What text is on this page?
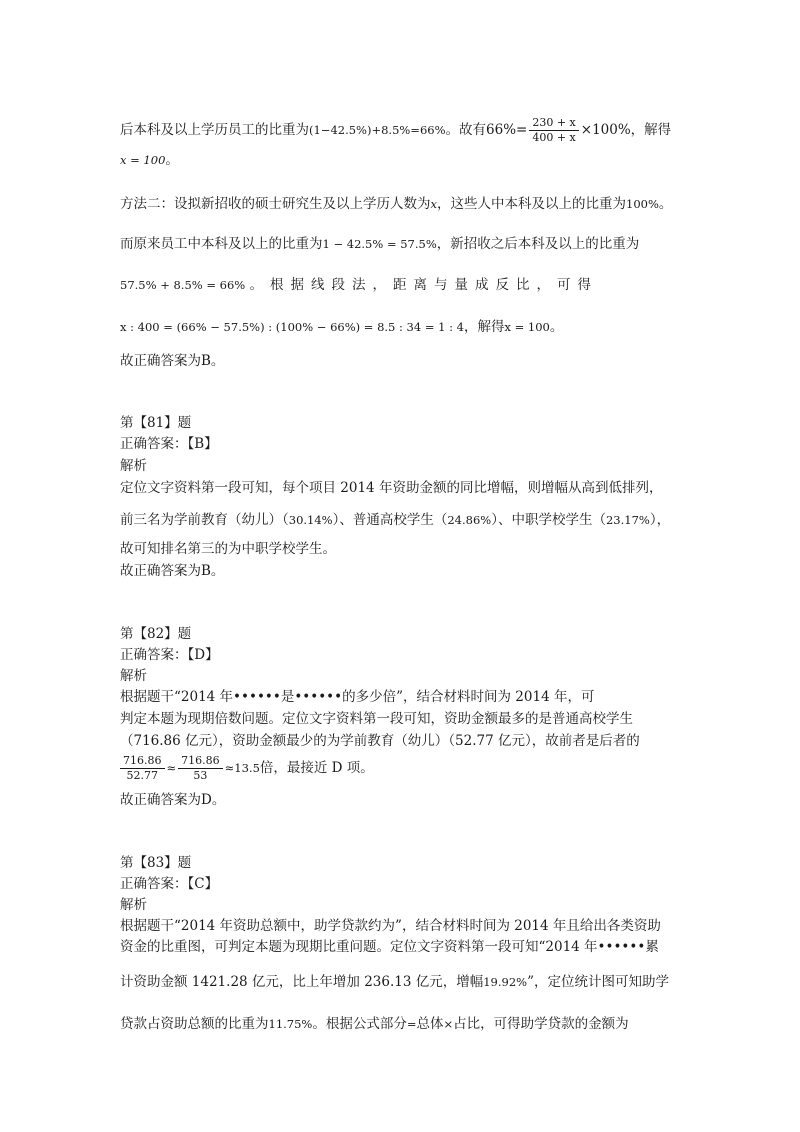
后本科及以上学历员工的比重为(1−42.5%)+8.5%=66%。故有$66\%= \frac{230 + x}{400 + x} \times 100\%$，解得
x = 100。
方法二：设拟新招收的硕士研究生及以上学历人数为x，这些人中本科及以上的比重为100%。
而原来员工中本科及以上的比重为1 − 42.5% = 57.5%，新招收之后本科及以上的比重为
57.5% + 8.5% = 66% 。根据线段法，距离与量成反比，可得
x : 400 = (66% − 57.5%) : (100% − 66%) = 8.5 : 34 = 1 : 4，解得x = 100。
故正确答案为B。
第【81】题
正确答案：【B】
解析
定位文字资料第一段可知，每个项目 2014 年资助金额的同比增幅，则增幅从高到低排列，
前三名为学前教育（幼儿）（30.14%）、普通高校学生（24.86%）、中职学校学生（23.17%），
故可知排名第三的为中职学校学生。
故正确答案为B。
第【82】题
正确答案：【D】
解析
根据题干“2014 年••••••是••••••的多少倍”，结合材料时间为 2014 年，可
判定本题为现期倍数问题。定位文字资料第一段可知，资助金额最多的是普通高校学生
（716.86 亿元），资助金额最少的为学前教育（幼儿）（52.77 亿元），故前者是后者的
$\frac{716.86}{52.77} \approx \frac{716.86}{53} \approx 13.5$倍，最接近 D 项。
故正确答案为D。
第【83】题
正确答案：【C】
解析
根据题干“2014 年资助总额中，助学贷款约为”，结合材料时间为 2014 年且给出各类资助
资金的比重图，可判定本题为现期比重问题。定位文字资料第一段可知“2014 年••••••累
计资助金额 1421.28 亿元，比上年增加 236.13 亿元，增幅19.92%”，定位统计图可知助学
贷款占资助总额的比重为11.75%。根据公式部分=总体×占比，可得助学贷款的金额为
